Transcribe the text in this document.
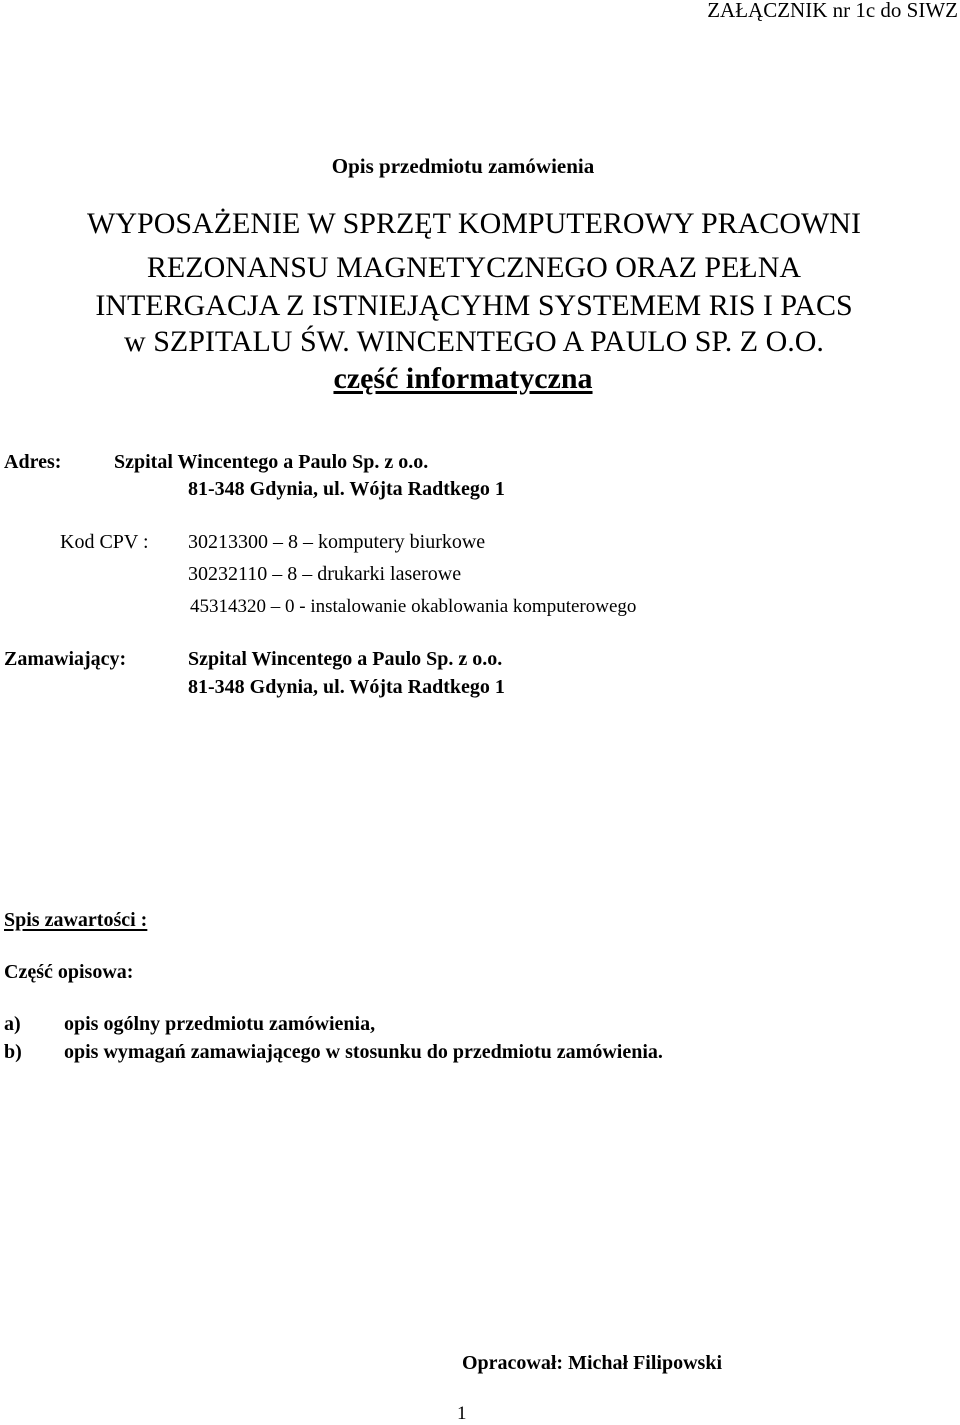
ZAŁĄCZNIK nr 1c do SIWZ
Opis przedmiotu zamówienia
WYPOSAŻENIE W SPRZĘT KOMPUTEROWY PRACOWNI
REZONANSU MAGNETYCZNEGO ORAZ PEŁNA
INTERGACJA Z ISTNIEJĄCYHM SYSTEMEM RIS I PACS
w SZPITALU ŚW. WINCENTEGO A PAULO SP. Z O.O.
część informatyczna
Adres:	Szpital Wincentego a Paulo Sp. z o.o.
81-348 Gdynia, ul. Wójta Radtkego 1
Kod CPV : 30213300 – 8 – komputery biurkowe
30232110 – 8 – drukarki laserowe
45314320 – 0 - instalowanie okablowania komputerowego
Zamawiający:	Szpital Wincentego a Paulo Sp. z o.o.
81-348 Gdynia, ul. Wójta Radtkego 1
Spis zawartości :
Część opisowa:
a) opis ogólny przedmiotu zamówienia,
b) opis wymagań zamawiającego w stosunku do przedmiotu zamówienia.
Opracował: Michał Filipowski
1
